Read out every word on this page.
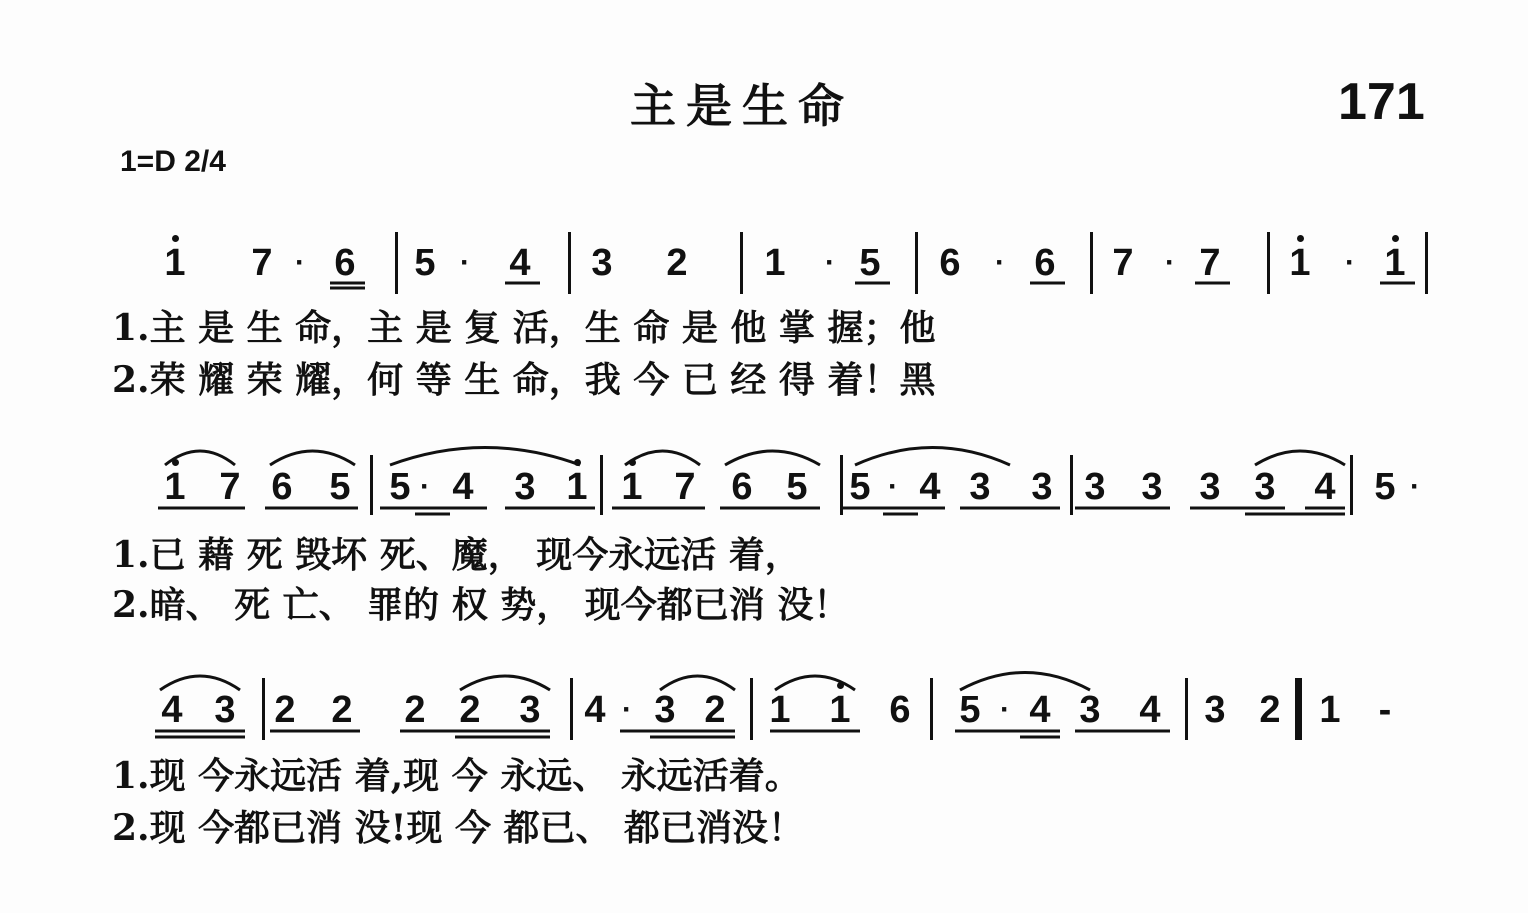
主是生命	171
1=D 2/4
1 7 · 6 5 · 4 3 2 1	· 5 6	· 6 7	· 7 1	· 1
1.主 是 生 命，主 是 复 活，生 命 是 他 掌 握；他
2.荣 耀 荣 耀，何 等 生 命，我 今 已 经 得 着！黑
1 7 6 5 5 · 4 3 1 1 7 6 5 5 · 4 3 3 3 3 3 3 4 5 ·
1.已 藉 死 毁坏 死、魔， 现今永远活 着，
2.暗、 死 亡、 罪的 权 势， 现今都已消 没！
4 3 2 2 2 2 3 4 · 3 2 1 1 6 5 · 4 3 4 3 2 1	-
1.现 今永远活 着,现 今 永远、 永远活着。
2.现 今都已消 没!现 今 都已、 都已消没！
